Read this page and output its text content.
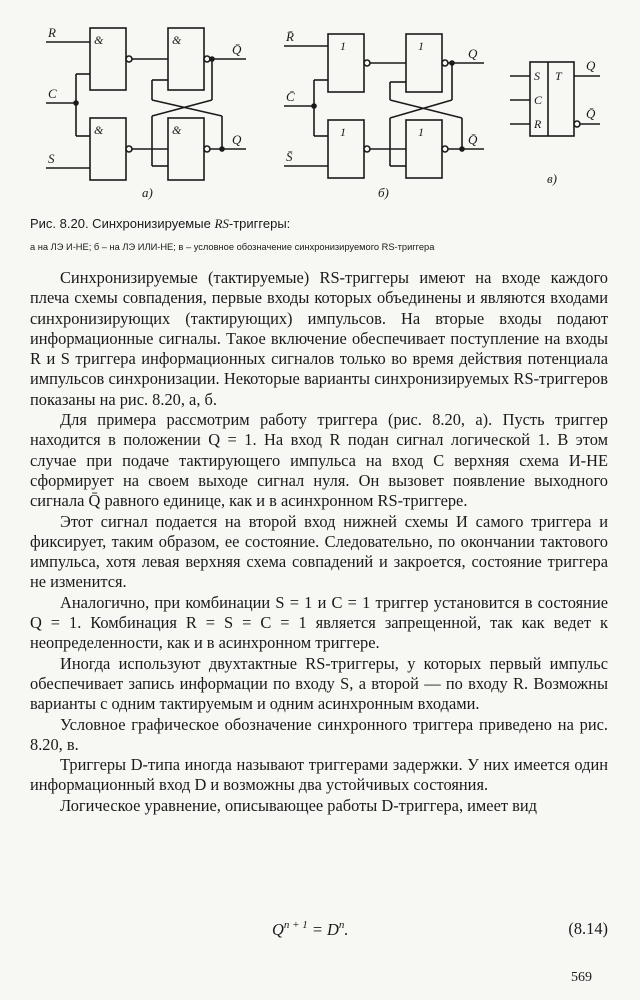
&
&
&
&
R
C
S
Q̄
Q
а)
1
1
1
1
R̄
C̄
S̄
Q
Q̄
б)
S
C
R
T
Q
Q̄
в)
Рис. 8.20. Синхронизируемые RS-триггеры:
а на ЛЭ И-НЕ; б – на ЛЭ ИЛИ-НЕ; в – условное обозначение синхронизируемого RS-триггера

Синхронизируемые (тактируемые) RS-триггеры имеют на входе каждого плеча схемы совпадения, первые входы которых объединены и являются входами синхронизирующих (тактирующих) импульсов. На вторые входы подают информационные сигналы. Такое включение обеспечивает поступление на входы R и S триггера информационных сигналов только во время действия потенциала импульсов синхронизации. Некоторые варианты синхронизируемых RS-триггеров показаны на рис. 8.20, а, б.

Для примера рассмотрим работу триггера (рис. 8.20, а). Пусть триггер находится в положении Q = 1. На вход R подан сигнал логической 1. В этом случае при подаче тактирующего импульса на вход C верхняя схема И-НЕ сформирует на своем выходе сигнал нуля. Он вызовет появление выходного сигнала Q̄ равного единице, как и в асинхронном RS-триггере.

Этот сигнал подается на второй вход нижней схемы И самого триггера и фиксирует, таким образом, ее состояние. Следовательно, по окончании тактового импульса, хотя левая верхняя схема совпадений и закроется, состояние триггера не изменится.

Аналогично, при комбинации S = 1 и C = 1 триггер установится в состояние Q = 1. Комбинация R = S = C = 1 является запрещенной, так как ведет к неопределенности, как и в асинхронном триггере.

Иногда используют двухтактные RS-триггеры, у которых первый импульс обеспечивает запись информации по входу S, а второй — по входу R. Возможны варианты с одним тактируемым и одним асинхронным входами.

Условное графическое обозначение синхронного триггера приведено на рис. 8.20, в.

Триггеры D-типа иногда называют триггерами задержки. У них имеется один информационный вход D и возможны два устойчивых состояния.

Логическое уравнение, описывающее работы D-триггера, имеет вид

$Q^{n + 1} = D^n$.	(8.14)
569
